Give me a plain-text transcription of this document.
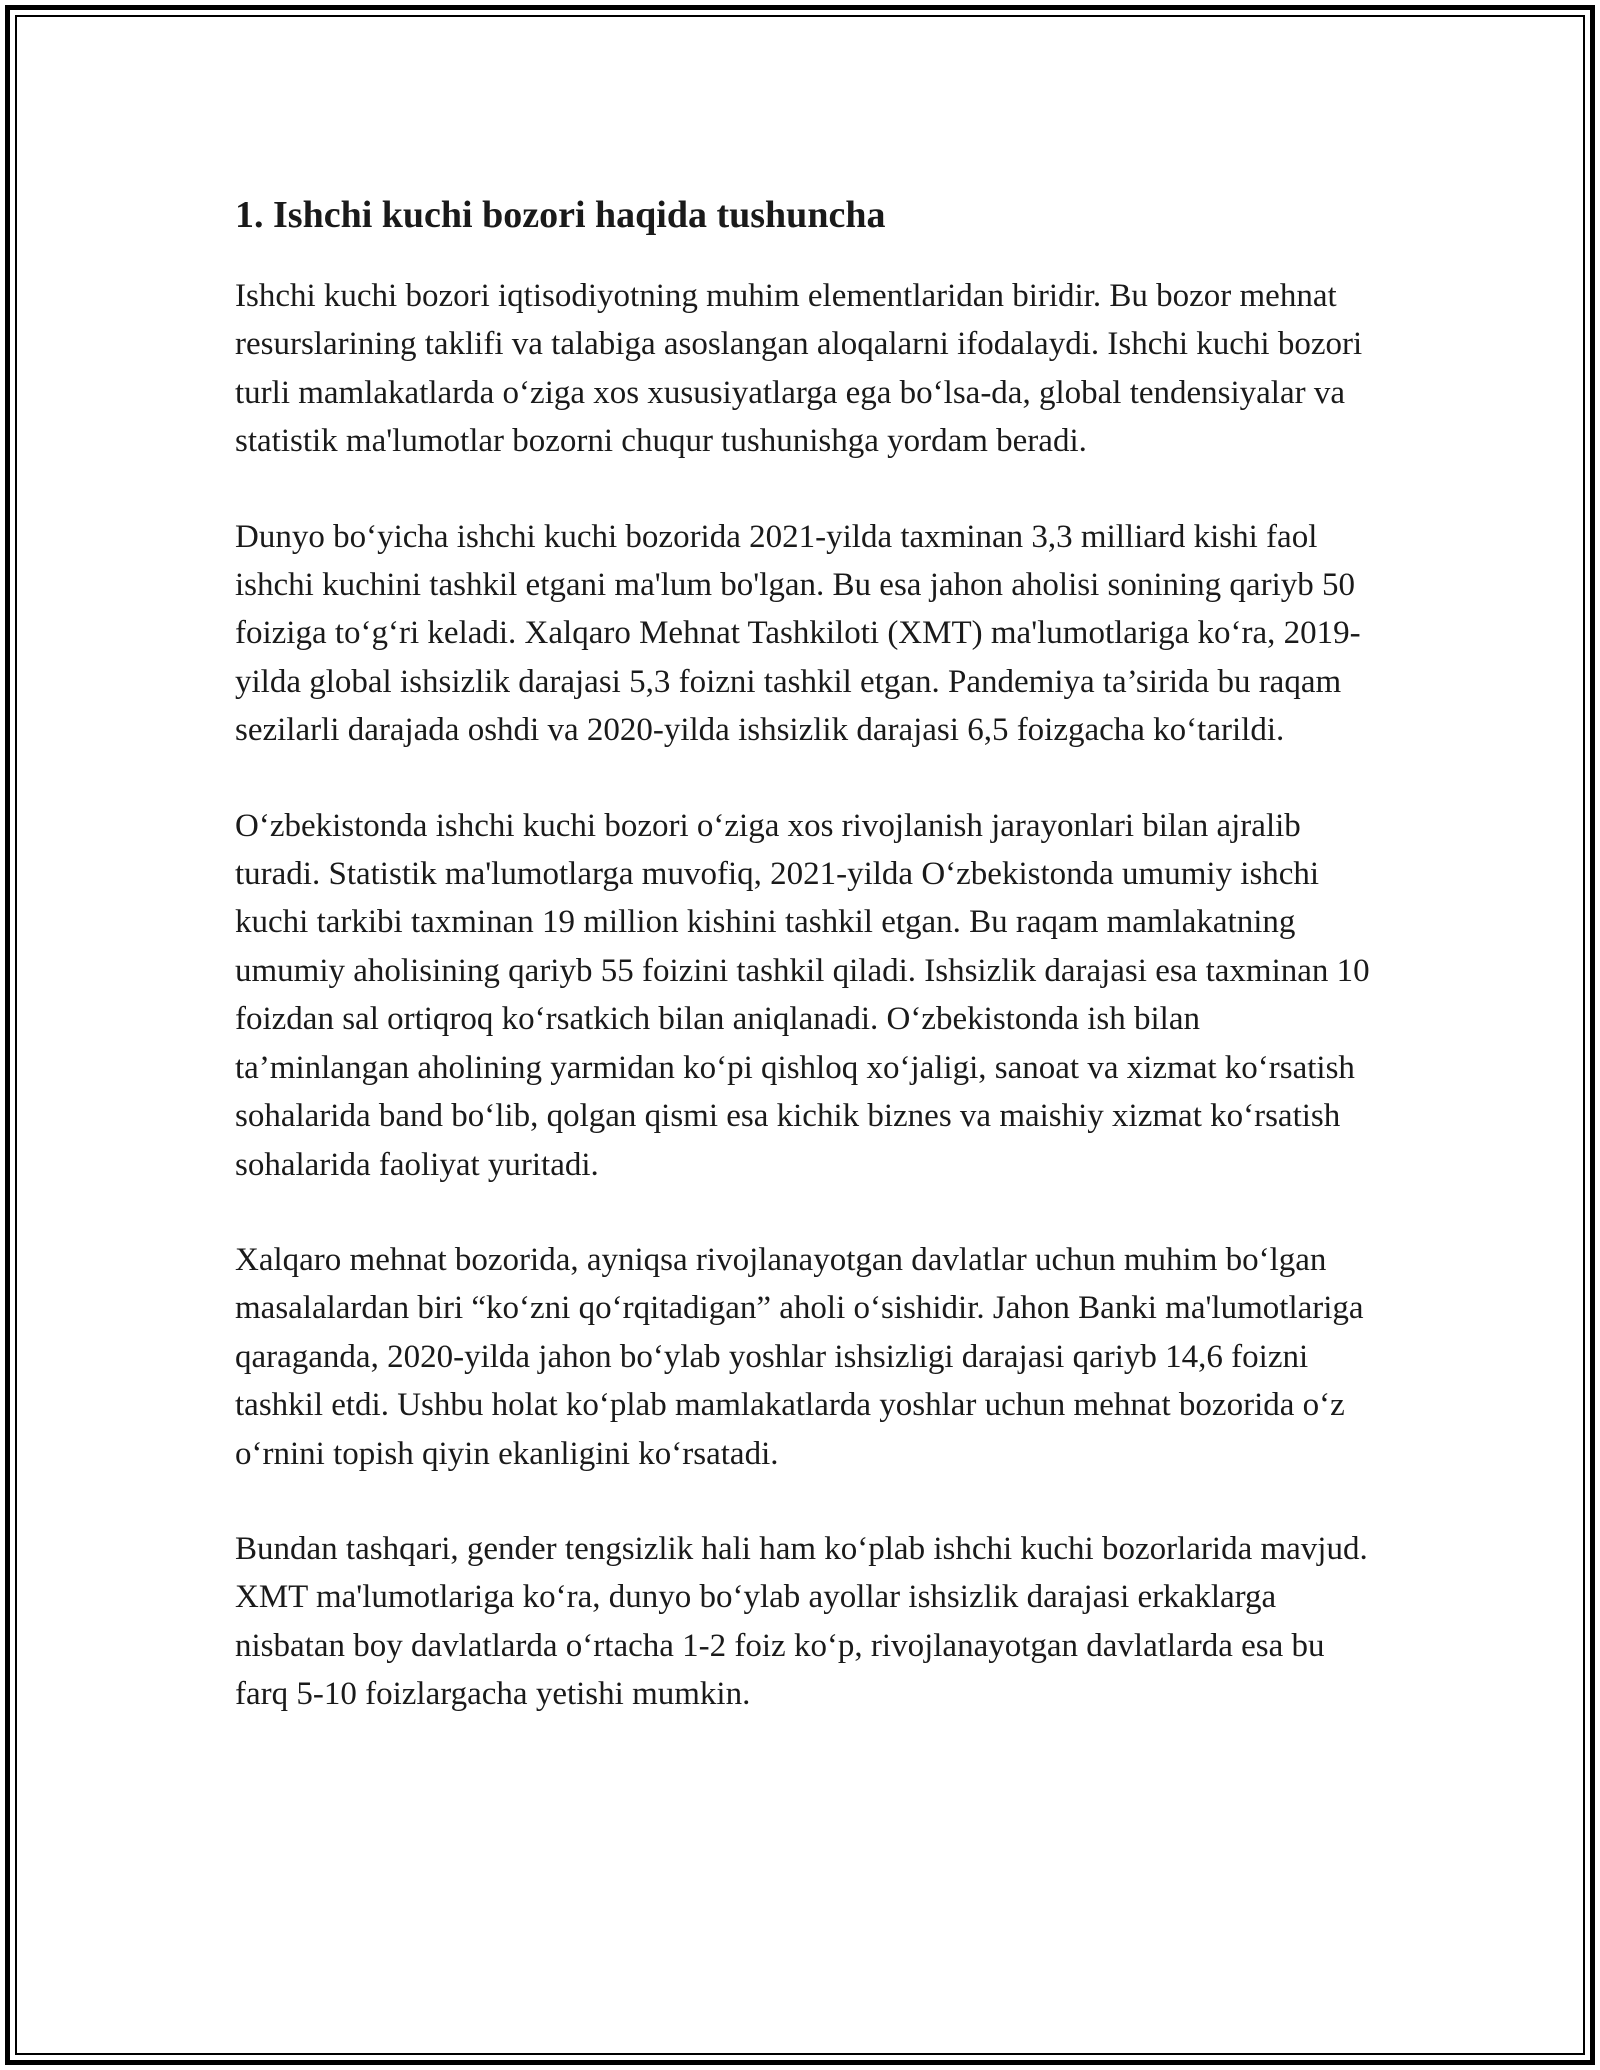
1. Ishchi kuchi bozori haqida tushuncha

Ishchi kuchi bozori iqtisodiyotning muhim elementlaridan biridir. Bu bozor mehnat resurslarining taklifi va talabiga asoslangan aloqalarni ifodalaydi. Ishchi kuchi bozori turli mamlakatlarda o‘ziga xos xususiyatlarga ega bo‘lsa-da, global tendensiyalar va statistik ma'lumotlar bozorni chuqur tushunishga yordam beradi.

Dunyo bo‘yicha ishchi kuchi bozorida 2021-yilda taxminan 3,3 milliard kishi faol ishchi kuchini tashkil etgani ma'lum bo'lgan. Bu esa jahon aholisi sonining qariyb 50 foiziga to‘g‘ri keladi. Xalqaro Mehnat Tashkiloti (XMT) ma'lumotlariga ko‘ra, 2019-yilda global ishsizlik darajasi 5,3 foizni tashkil etgan. Pandemiya ta’sirida bu raqam sezilarli darajada oshdi va 2020-yilda ishsizlik darajasi 6,5 foizgacha ko‘tarildi.

O‘zbekistonda ishchi kuchi bozori o‘ziga xos rivojlanish jarayonlari bilan ajralib turadi. Statistik ma'lumotlarga muvofiq, 2021-yilda O‘zbekistonda umumiy ishchi kuchi tarkibi taxminan 19 million kishini tashkil etgan. Bu raqam mamlakatning umumiy aholisining qariyb 55 foizini tashkil qiladi. Ishsizlik darajasi esa taxminan 10 foizdan sal ortiqroq ko‘rsatkich bilan aniqlanadi. O‘zbekistonda ish bilan ta’minlangan aholining yarmidan ko‘pi qishloq xo‘jaligi, sanoat va xizmat ko‘rsatish sohalarida band bo‘lib, qolgan qismi esa kichik biznes va maishiy xizmat ko‘rsatish sohalarida faoliyat yuritadi.

Xalqaro mehnat bozorida, ayniqsa rivojlanayotgan davlatlar uchun muhim bo‘lgan masalalardan biri “ko‘zni qo‘rqitadigan” aholi o‘sishidir. Jahon Banki ma'lumotlariga qaraganda, 2020-yilda jahon bo‘ylab yoshlar ishsizligi darajasi qariyb 14,6 foizni tashkil etdi. Ushbu holat ko‘plab mamlakatlarda yoshlar uchun mehnat bozorida o‘z o‘rnini topish qiyin ekanligini ko‘rsatadi.

Bundan tashqari, gender tengsizlik hali ham ko‘plab ishchi kuchi bozorlarida mavjud. XMT ma'lumotlariga ko‘ra, dunyo bo‘ylab ayollar ishsizlik darajasi erkaklarga nisbatan boy davlatlarda o‘rtacha 1-2 foiz ko‘p, rivojlanayotgan davlatlarda esa bu farq 5-10 foizlargacha yetishi mumkin.
